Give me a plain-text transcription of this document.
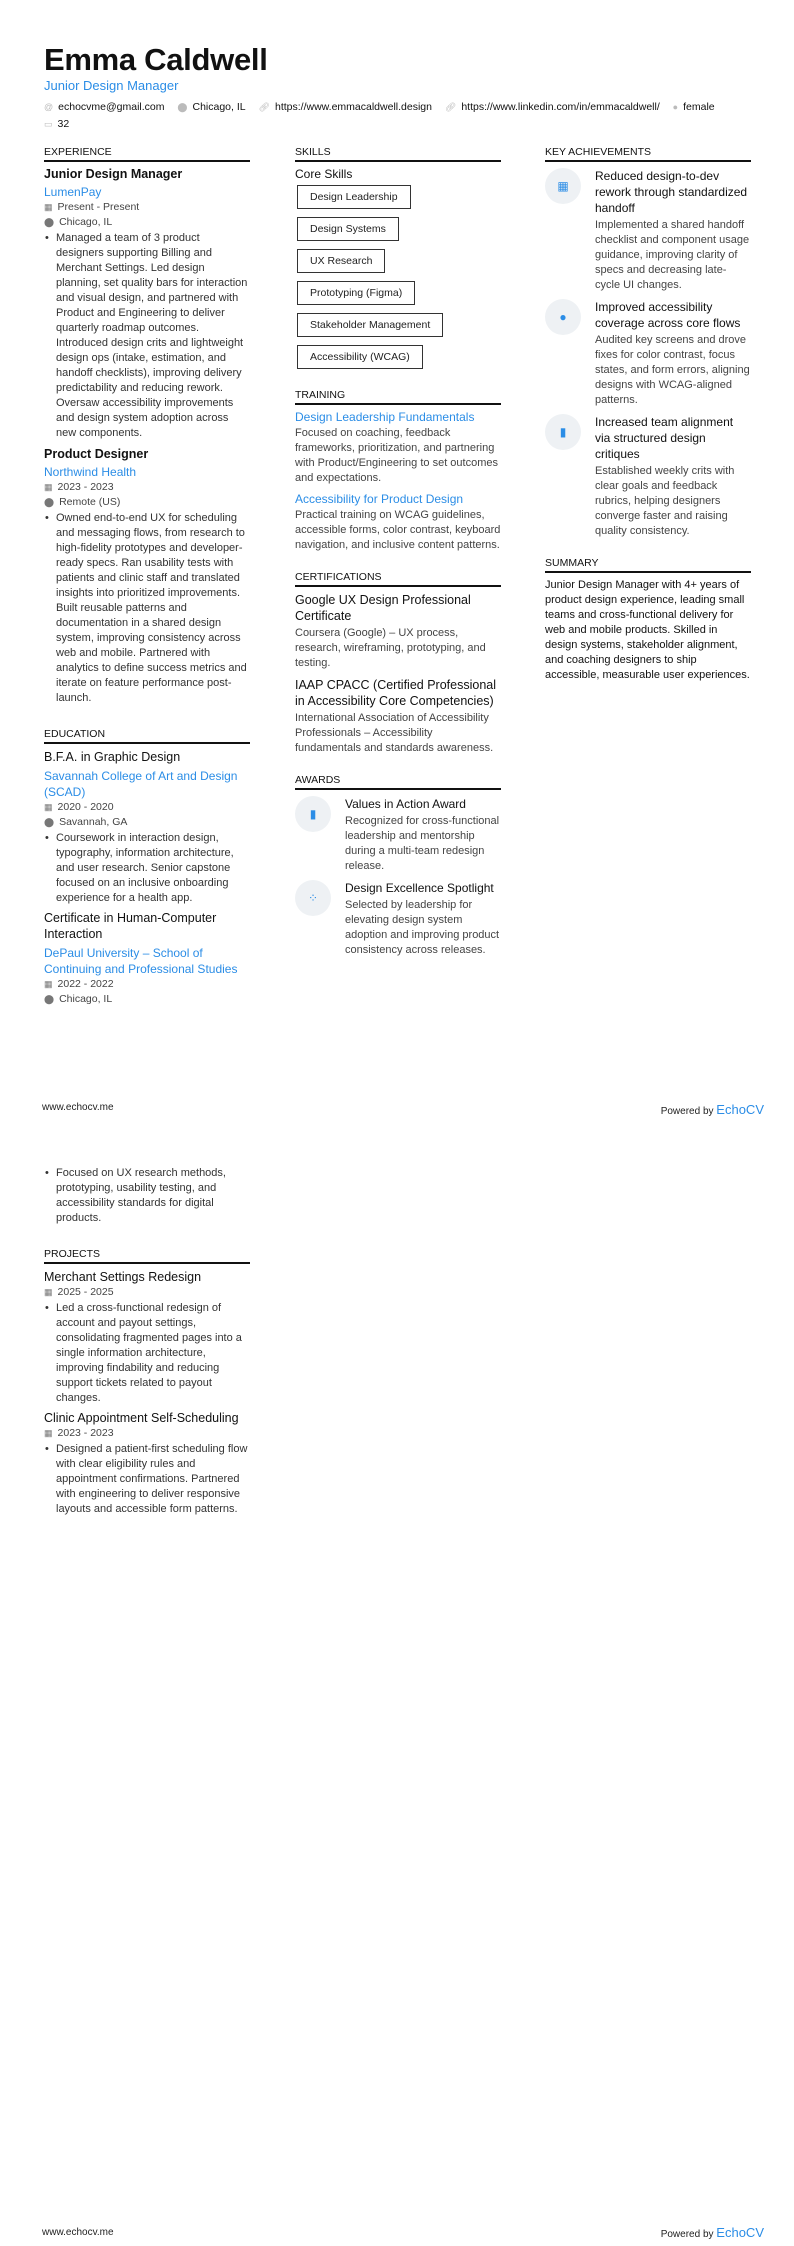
Emma Caldwell
Junior Design Manager
@ echocvme@gmail.com ⬤ Chicago, IL 🔗︎ https://www.emmacaldwell.design 🔗︎ https://www.linkedin.com/in/emmacaldwell/ ● female
▭ 32
EXPERIENCE
Junior Design Manager
LumenPay
▦ Present - Present
⬤ Chicago, IL
• Managed a team of 3 product designers supporting Billing and Merchant Settings. Led design planning, set quality bars for interaction and visual design, and partnered with Product and Engineering to deliver quarterly roadmap outcomes. Introduced design crits and lightweight design ops (intake, estimation, and handoff checklists), improving delivery predictability and reducing rework. Oversaw accessibility improvements and design system adoption across new components.
Product Designer
Northwind Health
▦ 2023 - 2023
⬤ Remote (US)
• Owned end-to-end UX for scheduling and messaging flows, from research to high-fidelity prototypes and developer-ready specs. Ran usability tests with patients and clinic staff and translated insights into prioritized improvements. Built reusable patterns and documentation in a shared design system, improving consistency across web and mobile. Partnered with analytics to define success metrics and iterate on feature performance post-launch.
EDUCATION
B.F.A. in Graphic Design
Savannah College of Art and Design (SCAD)
▦ 2020 - 2020
⬤ Savannah, GA
• Coursework in interaction design, typography, information architecture, and user research. Senior capstone focused on an inclusive onboarding experience for a health app.
Certificate in Human-Computer Interaction
DePaul University – School of Continuing and Professional Studies
▦ 2022 - 2022
⬤ Chicago, IL
SKILLS
Core Skills
Design Leadership
Design Systems
UX Research
Prototyping (Figma)
Stakeholder Management
Accessibility (WCAG)
TRAINING
Design Leadership Fundamentals
Focused on coaching, feedback frameworks, prioritization, and partnering with Product/Engineering to set outcomes and expectations.
Accessibility for Product Design
Practical training on WCAG guidelines, accessible forms, color contrast, keyboard navigation, and inclusive content patterns.
CERTIFICATIONS
Google UX Design Professional Certificate
Coursera (Google) – UX process, research, wireframing, prototyping, and testing.
IAAP CPACC (Certified Professional in Accessibility Core Competencies)
International Association of Accessibility Professionals – Accessibility fundamentals and standards awareness.
AWARDS
▮
Values in Action Award
Recognized for cross-functional leadership and mentorship during a multi-team redesign release.
⁘
Design Excellence Spotlight
Selected by leadership for elevating design system adoption and improving product consistency across releases.
KEY ACHIEVEMENTS
▦
Reduced design-to-dev rework through standardized handoff
Implemented a shared handoff checklist and component usage guidance, improving clarity of specs and decreasing late-cycle UI changes.
●
Improved accessibility coverage across core flows
Audited key screens and drove fixes for color contrast, focus states, and form errors, aligning designs with WCAG-aligned patterns.
▮
Increased team alignment via structured design critiques
Established weekly crits with clear goals and feedback rubrics, helping designers converge faster and raising quality consistency.
SUMMARY
Junior Design Manager with 4+ years of product design experience, leading small teams and cross-functional delivery for web and mobile products. Skilled in design systems, stakeholder alignment, and coaching designers to ship accessible, measurable user experiences.
www.echocv.me	Powered by EchoCV
• Focused on UX research methods, prototyping, usability testing, and accessibility standards for digital products.
PROJECTS
Merchant Settings Redesign
▦ 2025 - 2025
• Led a cross-functional redesign of account and payout settings, consolidating fragmented pages into a single information architecture, improving findability and reducing support tickets related to payout changes.
Clinic Appointment Self-Scheduling
▦ 2023 - 2023
• Designed a patient-first scheduling flow with clear eligibility rules and appointment confirmations. Partnered with engineering to deliver responsive layouts and accessible form patterns.
www.echocv.me	Powered by EchoCV
